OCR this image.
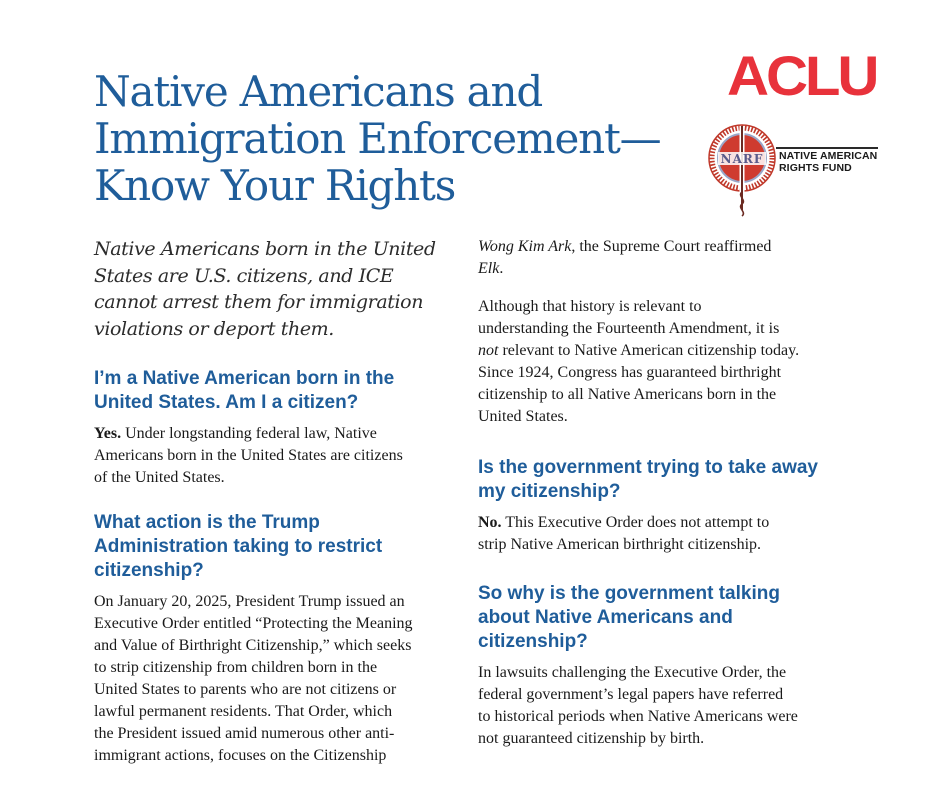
Native Americans and
Immigration Enforcement—
Know Your Rights
ACLU
NARF NATIVE AMERICAN
RIGHTS FUND

Native Americans born in the United
States are U.S. citizens, and ICE
cannot arrest them for immigration
violations or deport them.

I’m a Native American born in the
United States. Am I a citizen?

Yes. Under longstanding federal law, Native
Americans born in the United States are citizens
of the United States.

What action is the Trump
Administration taking to restrict
citizenship?

On January 20, 2025, President Trump issued an
Executive Order entitled “Protecting the Meaning
and Value of Birthright Citizenship,” which seeks
to strip citizenship from children born in the
United States to parents who are not citizens or
lawful permanent residents. That Order, which
the President issued amid numerous other anti-
immigrant actions, focuses on the Citizenship

Wong Kim Ark, the Supreme Court reaffirmed
Elk.

Although that history is relevant to
understanding the Fourteenth Amendment, it is
not relevant to Native American citizenship today.
Since 1924, Congress has guaranteed birthright
citizenship to all Native Americans born in the
United States.

Is the government trying to take away
my citizenship?

No. This Executive Order does not attempt to
strip Native American birthright citizenship.

So why is the government talking
about Native Americans and
citizenship?

In lawsuits challenging the Executive Order, the
federal government’s legal papers have referred
to historical periods when Native Americans were
not guaranteed citizenship by birth.
